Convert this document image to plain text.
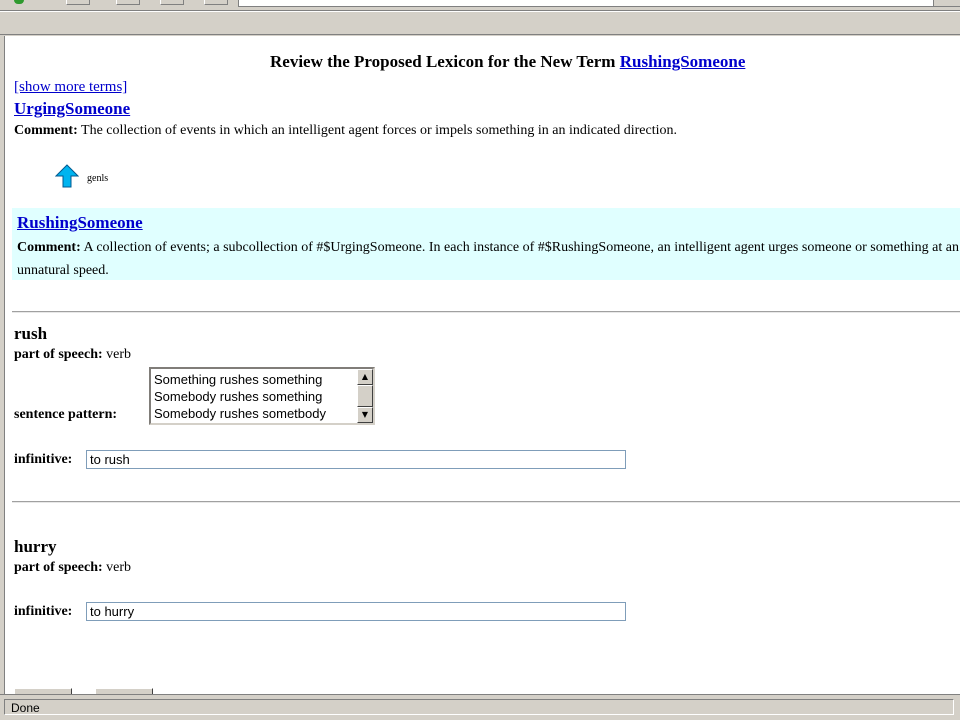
Review the Proposed Lexicon for the New Term RushingSomeone
[show more terms]
UrgingSomeone
Comment: The collection of events in which an intelligent agent forces or impels something in an indicated direction.
genls
RushingSomeone
Comment: A collection of events; a subcollection of #$UrgingSomeone. In each instance of #$RushingSomeone, an intelligent agent urges someone or something at an unnatural speed.
rush
part of speech: verb
sentence pattern:
Something rushes something
Somebody rushes something
Somebody rushes sometbody
▲
▼
infinitive:
to rush
hurry
part of speech: verb
infinitive:
to hurry
Done
